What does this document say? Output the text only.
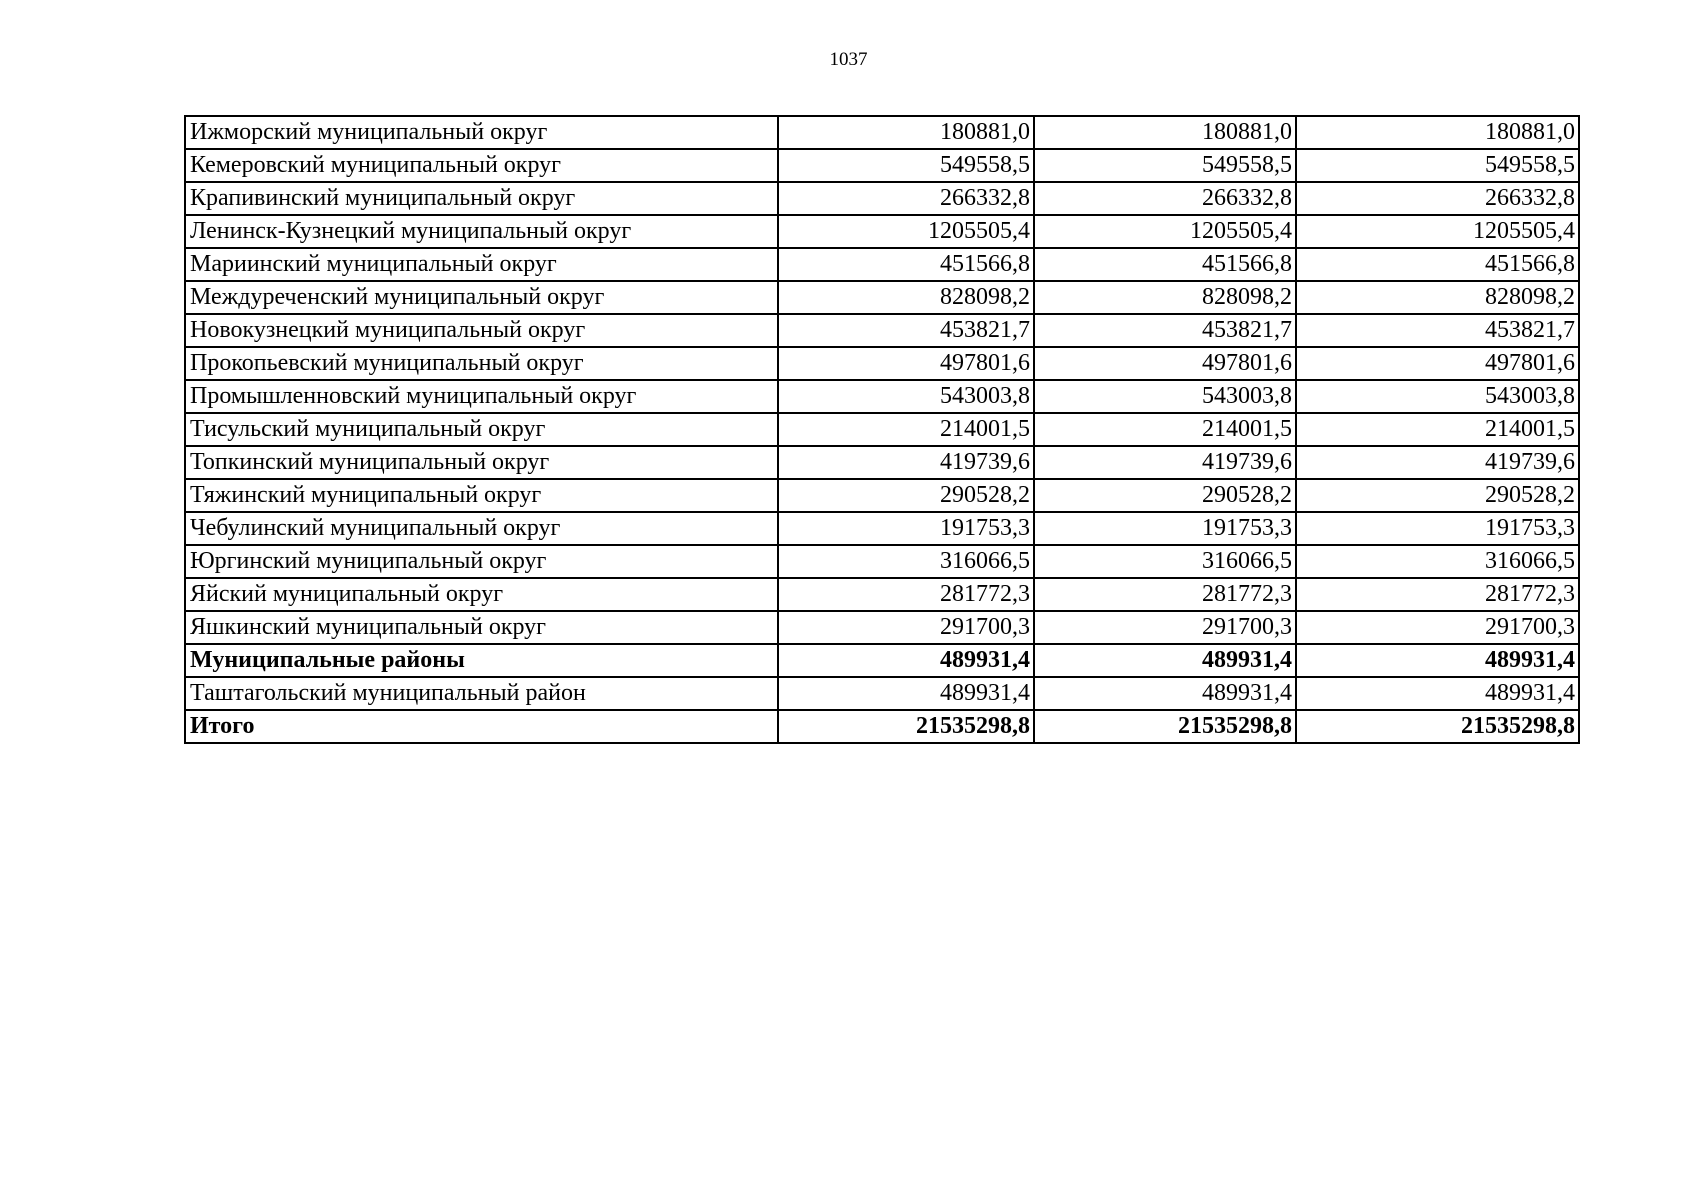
1037
Ижморский муниципальный округ	180881,0	180881,0	180881,0
Кемеровский муниципальный округ	549558,5	549558,5	549558,5
Крапивинский муниципальный округ	266332,8	266332,8	266332,8
Ленинск-Кузнецкий муниципальный округ	1205505,4	1205505,4	1205505,4
Мариинский муниципальный округ	451566,8	451566,8	451566,8
Междуреченский муниципальный округ	828098,2	828098,2	828098,2
Новокузнецкий муниципальный округ	453821,7	453821,7	453821,7
Прокопьевский муниципальный округ	497801,6	497801,6	497801,6
Промышленновский муниципальный округ	543003,8	543003,8	543003,8
Тисульский муниципальный округ	214001,5	214001,5	214001,5
Топкинский муниципальный округ	419739,6	419739,6	419739,6
Тяжинский муниципальный округ	290528,2	290528,2	290528,2
Чебулинский муниципальный округ	191753,3	191753,3	191753,3
Юргинский муниципальный округ	316066,5	316066,5	316066,5
Яйский муниципальный округ	281772,3	281772,3	281772,3
Яшкинский муниципальный округ	291700,3	291700,3	291700,3
Муниципальные районы	489931,4	489931,4	489931,4
Таштагольский муниципальный район	489931,4	489931,4	489931,4
Итого	21535298,8	21535298,8	21535298,8
